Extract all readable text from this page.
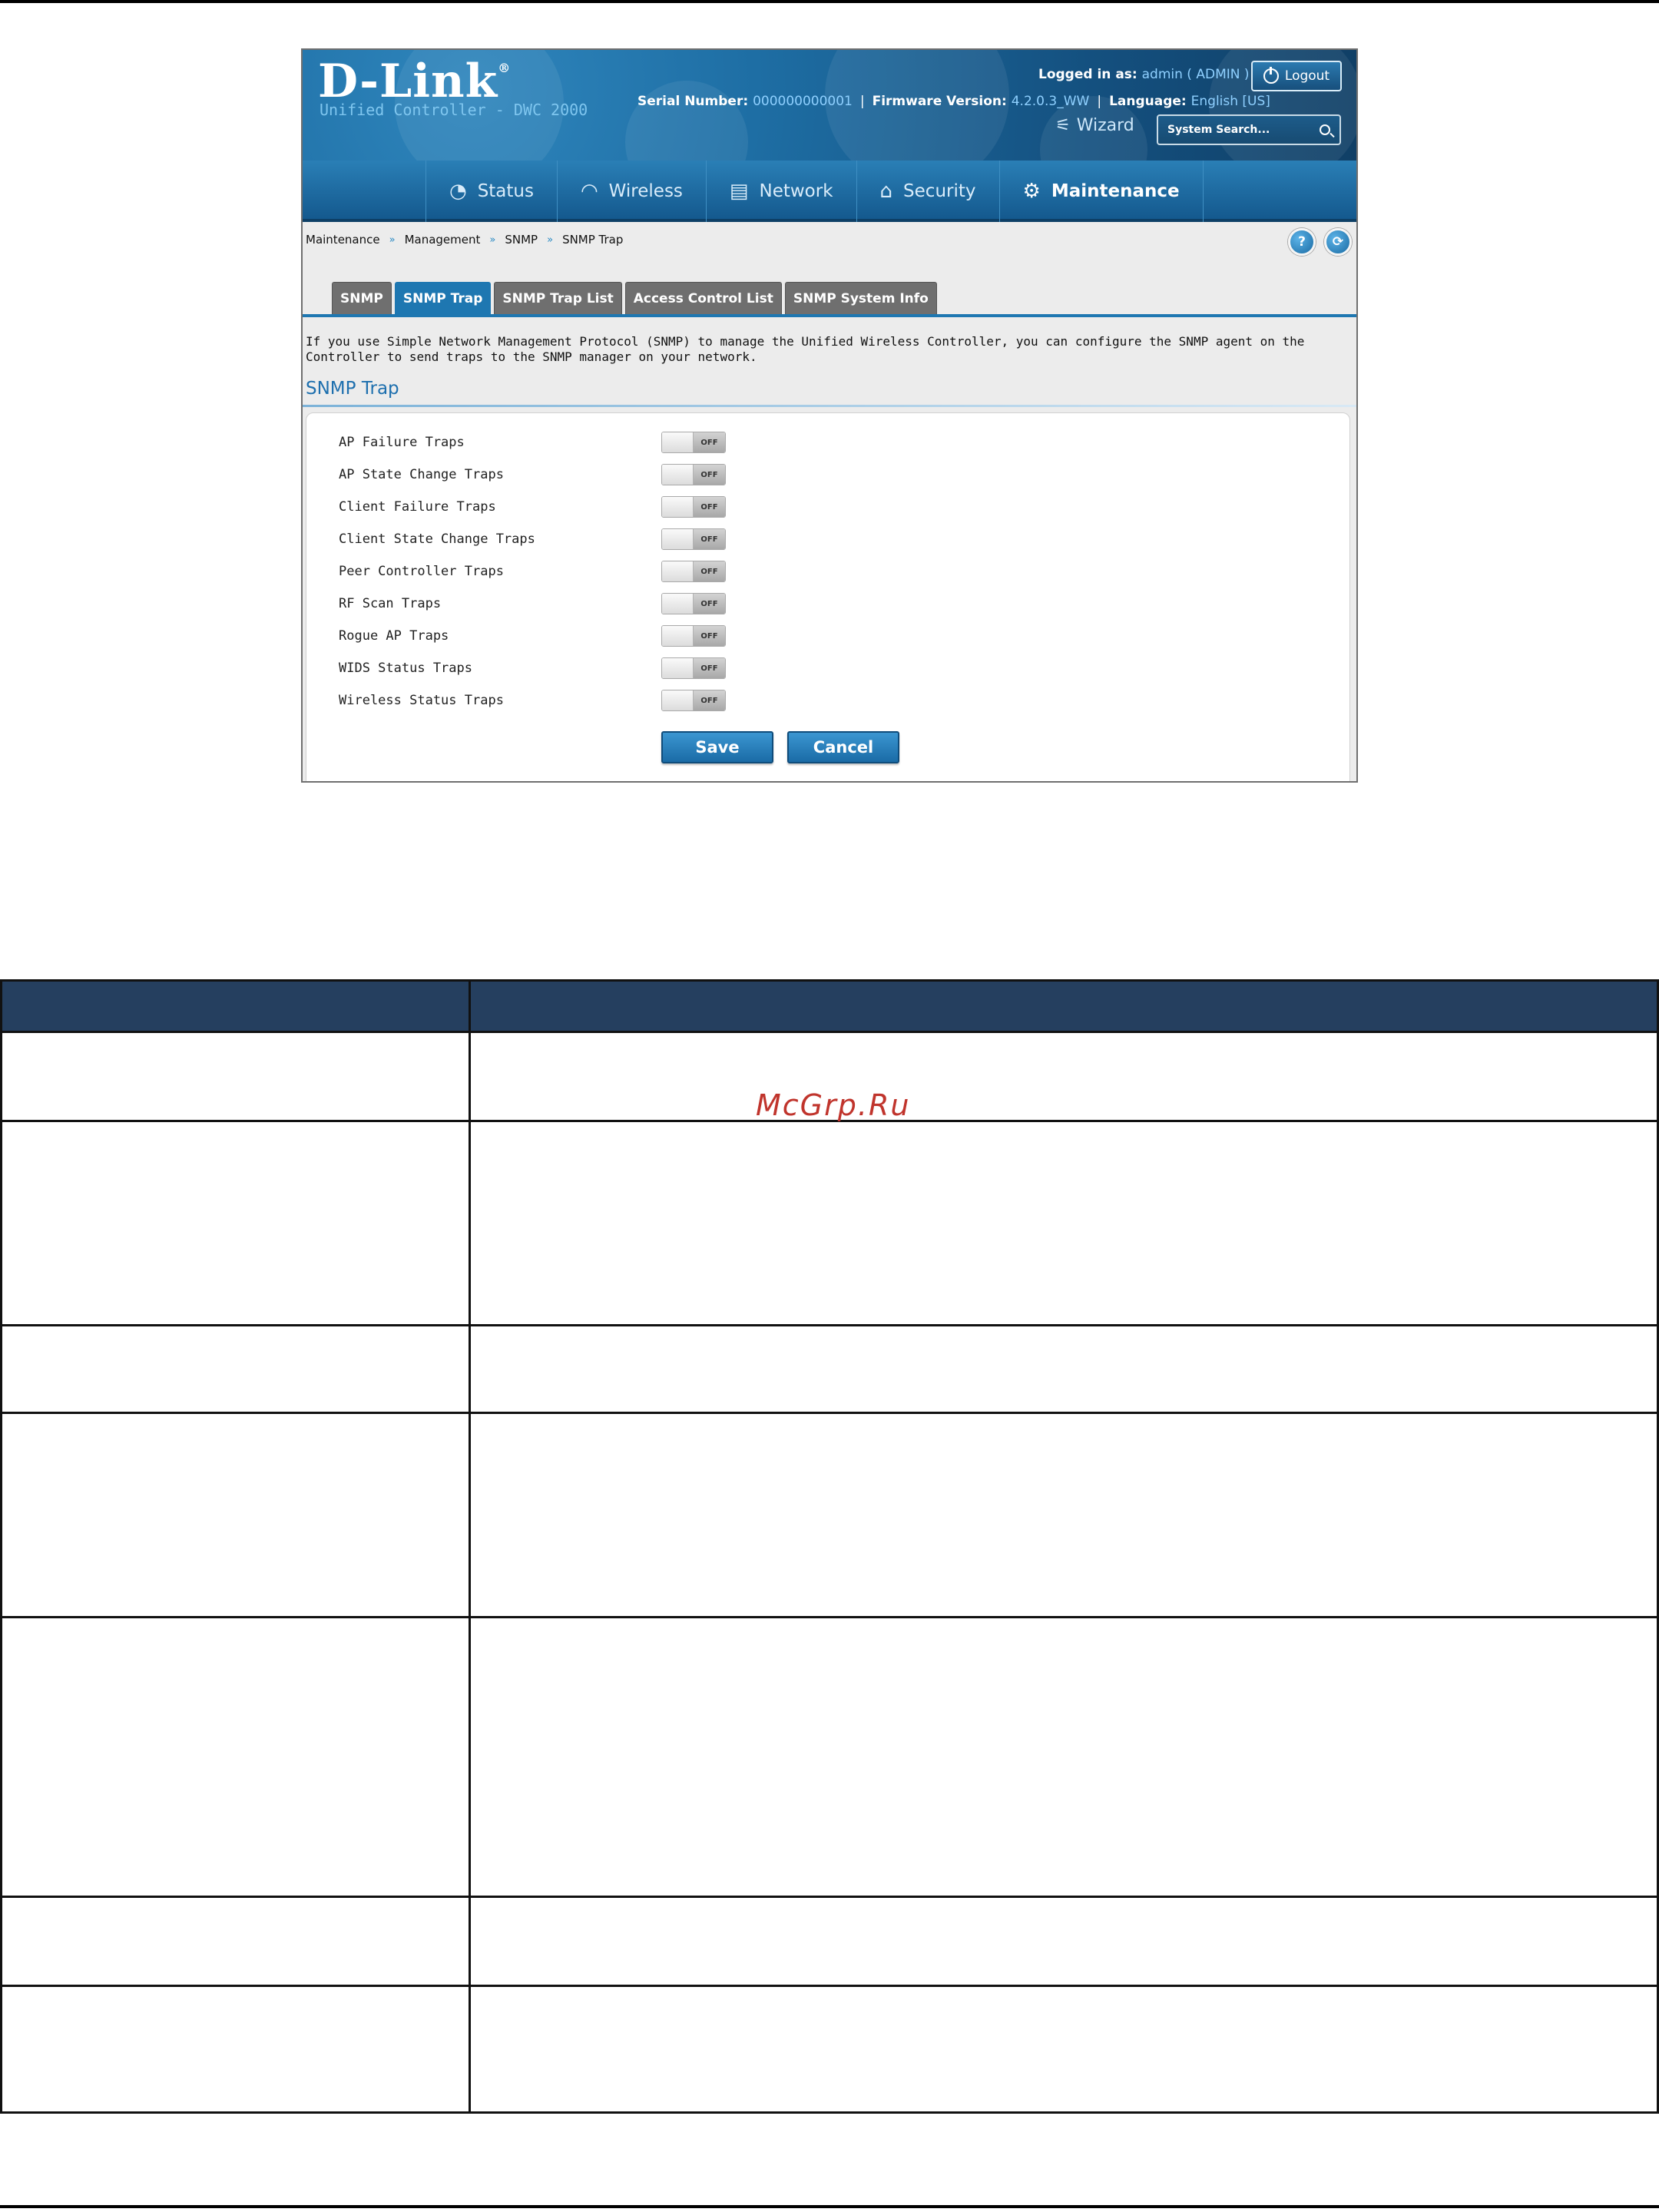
D-Link®
Unified Controller - DWC 2000
Logged in as: admin ( ADMIN )	Logout
Serial Number: 000000000001 | Firmware Version: 4.2.0.3_WW | Language: English [US]
⚟ Wizard	System Search...
◔ Status ◠ Wireless ▤ Network ⌂ Security ⚙ Maintenance
Maintenance » Management » SNMP » SNMP Trap	?	⟳
SNMP	SNMP Trap	SNMP Trap List	Access Control List	SNMP System Info
If you use Simple Network Management Protocol (SNMP) to manage the Unified Wireless Controller, you can configure the SNMP agent on the Controller to send traps to the SNMP manager on your network.
SNMP Trap
AP Failure Traps	OFF
AP State Change Traps	OFF
Client Failure Traps	OFF
Client State Change Traps	OFF
Peer Controller Traps	OFF
RF Scan Traps	OFF
Rogue AP Traps	OFF
WIDS Status Traps	OFF
Wireless Status Traps	OFF
Save	Cancel
McGrp.Ru
